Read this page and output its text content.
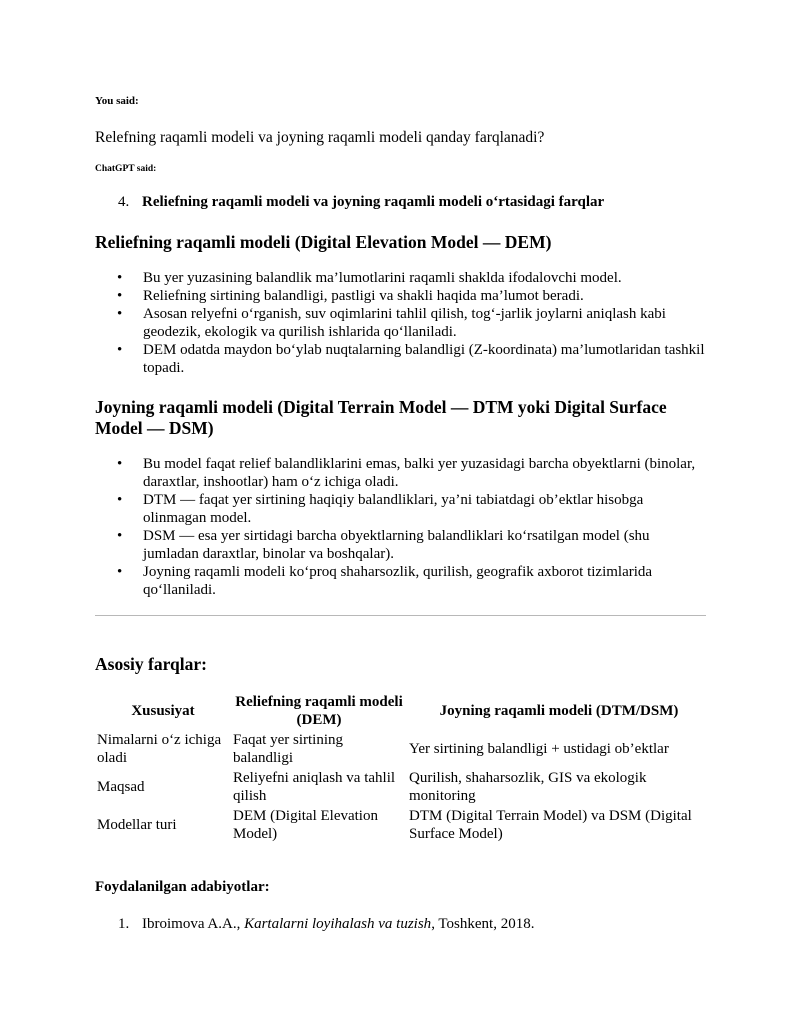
You said:
Relefning raqamli modeli va joyning raqamli modeli qanday farqlanadi?
ChatGPT said:
4. Reliefning raqamli modeli va joyning raqamli modeli o‘rtasidagi farqlar
Reliefning raqamli modeli (Digital Elevation Model — DEM)
• Bu yer yuzasining balandlik ma’lumotlarini raqamli shaklda ifodalovchi model.
• Reliefning sirtining balandligi, pastligi va shakli haqida ma’lumot beradi.
• Asosan relyefni o‘rganish, suv oqimlarini tahlil qilish, tog‘-jarlik joylarni aniqlash kabi geodezik, ekologik va qurilish ishlarida qo‘llaniladi.
• DEM odatda maydon bo‘ylab nuqtalarning balandligi (Z-koordinata) ma’lumotlaridan tashkil topadi.
Joyning raqamli modeli (Digital Terrain Model — DTM yoki Digital Surface Model — DSM)
• Bu model faqat relief balandliklarini emas, balki yer yuzasidagi barcha obyektlarni (binolar, daraxtlar, inshootlar) ham o‘z ichiga oladi.
• DTM — faqat yer sirtining haqiqiy balandliklari, ya’ni tabiatdagi ob’ektlar hisobga olinmagan model.
• DSM — esa yer sirtidagi barcha obyektlarning balandliklari ko‘rsatilgan model (shu jumladan daraxtlar, binolar va boshqalar).
• Joyning raqamli modeli ko‘proq shaharsozlik, qurilish, geografik axborot tizimlarida qo‘llaniladi.
Asosiy farqlar:
Xususiyat	Reliefning raqamli modeli (DEM)	Joyning raqamli modeli (DTM/DSM)
Nimalarni o‘z ichiga oladi	Faqat yer sirtining balandligi	Yer sirtining balandligi + ustidagi ob’ektlar
Maqsad	Reliyefni aniqlash va tahlil qilish	Qurilish, shaharsozlik, GIS va ekologik monitoring
Modellar turi	DEM (Digital Elevation Model)	DTM (Digital Terrain Model) va DSM (Digital Surface Model)
Foydalanilgan adabiyotlar:
1. Ibroimova A.A., Kartalarni loyihalash va tuzish, Toshkent, 2018.
